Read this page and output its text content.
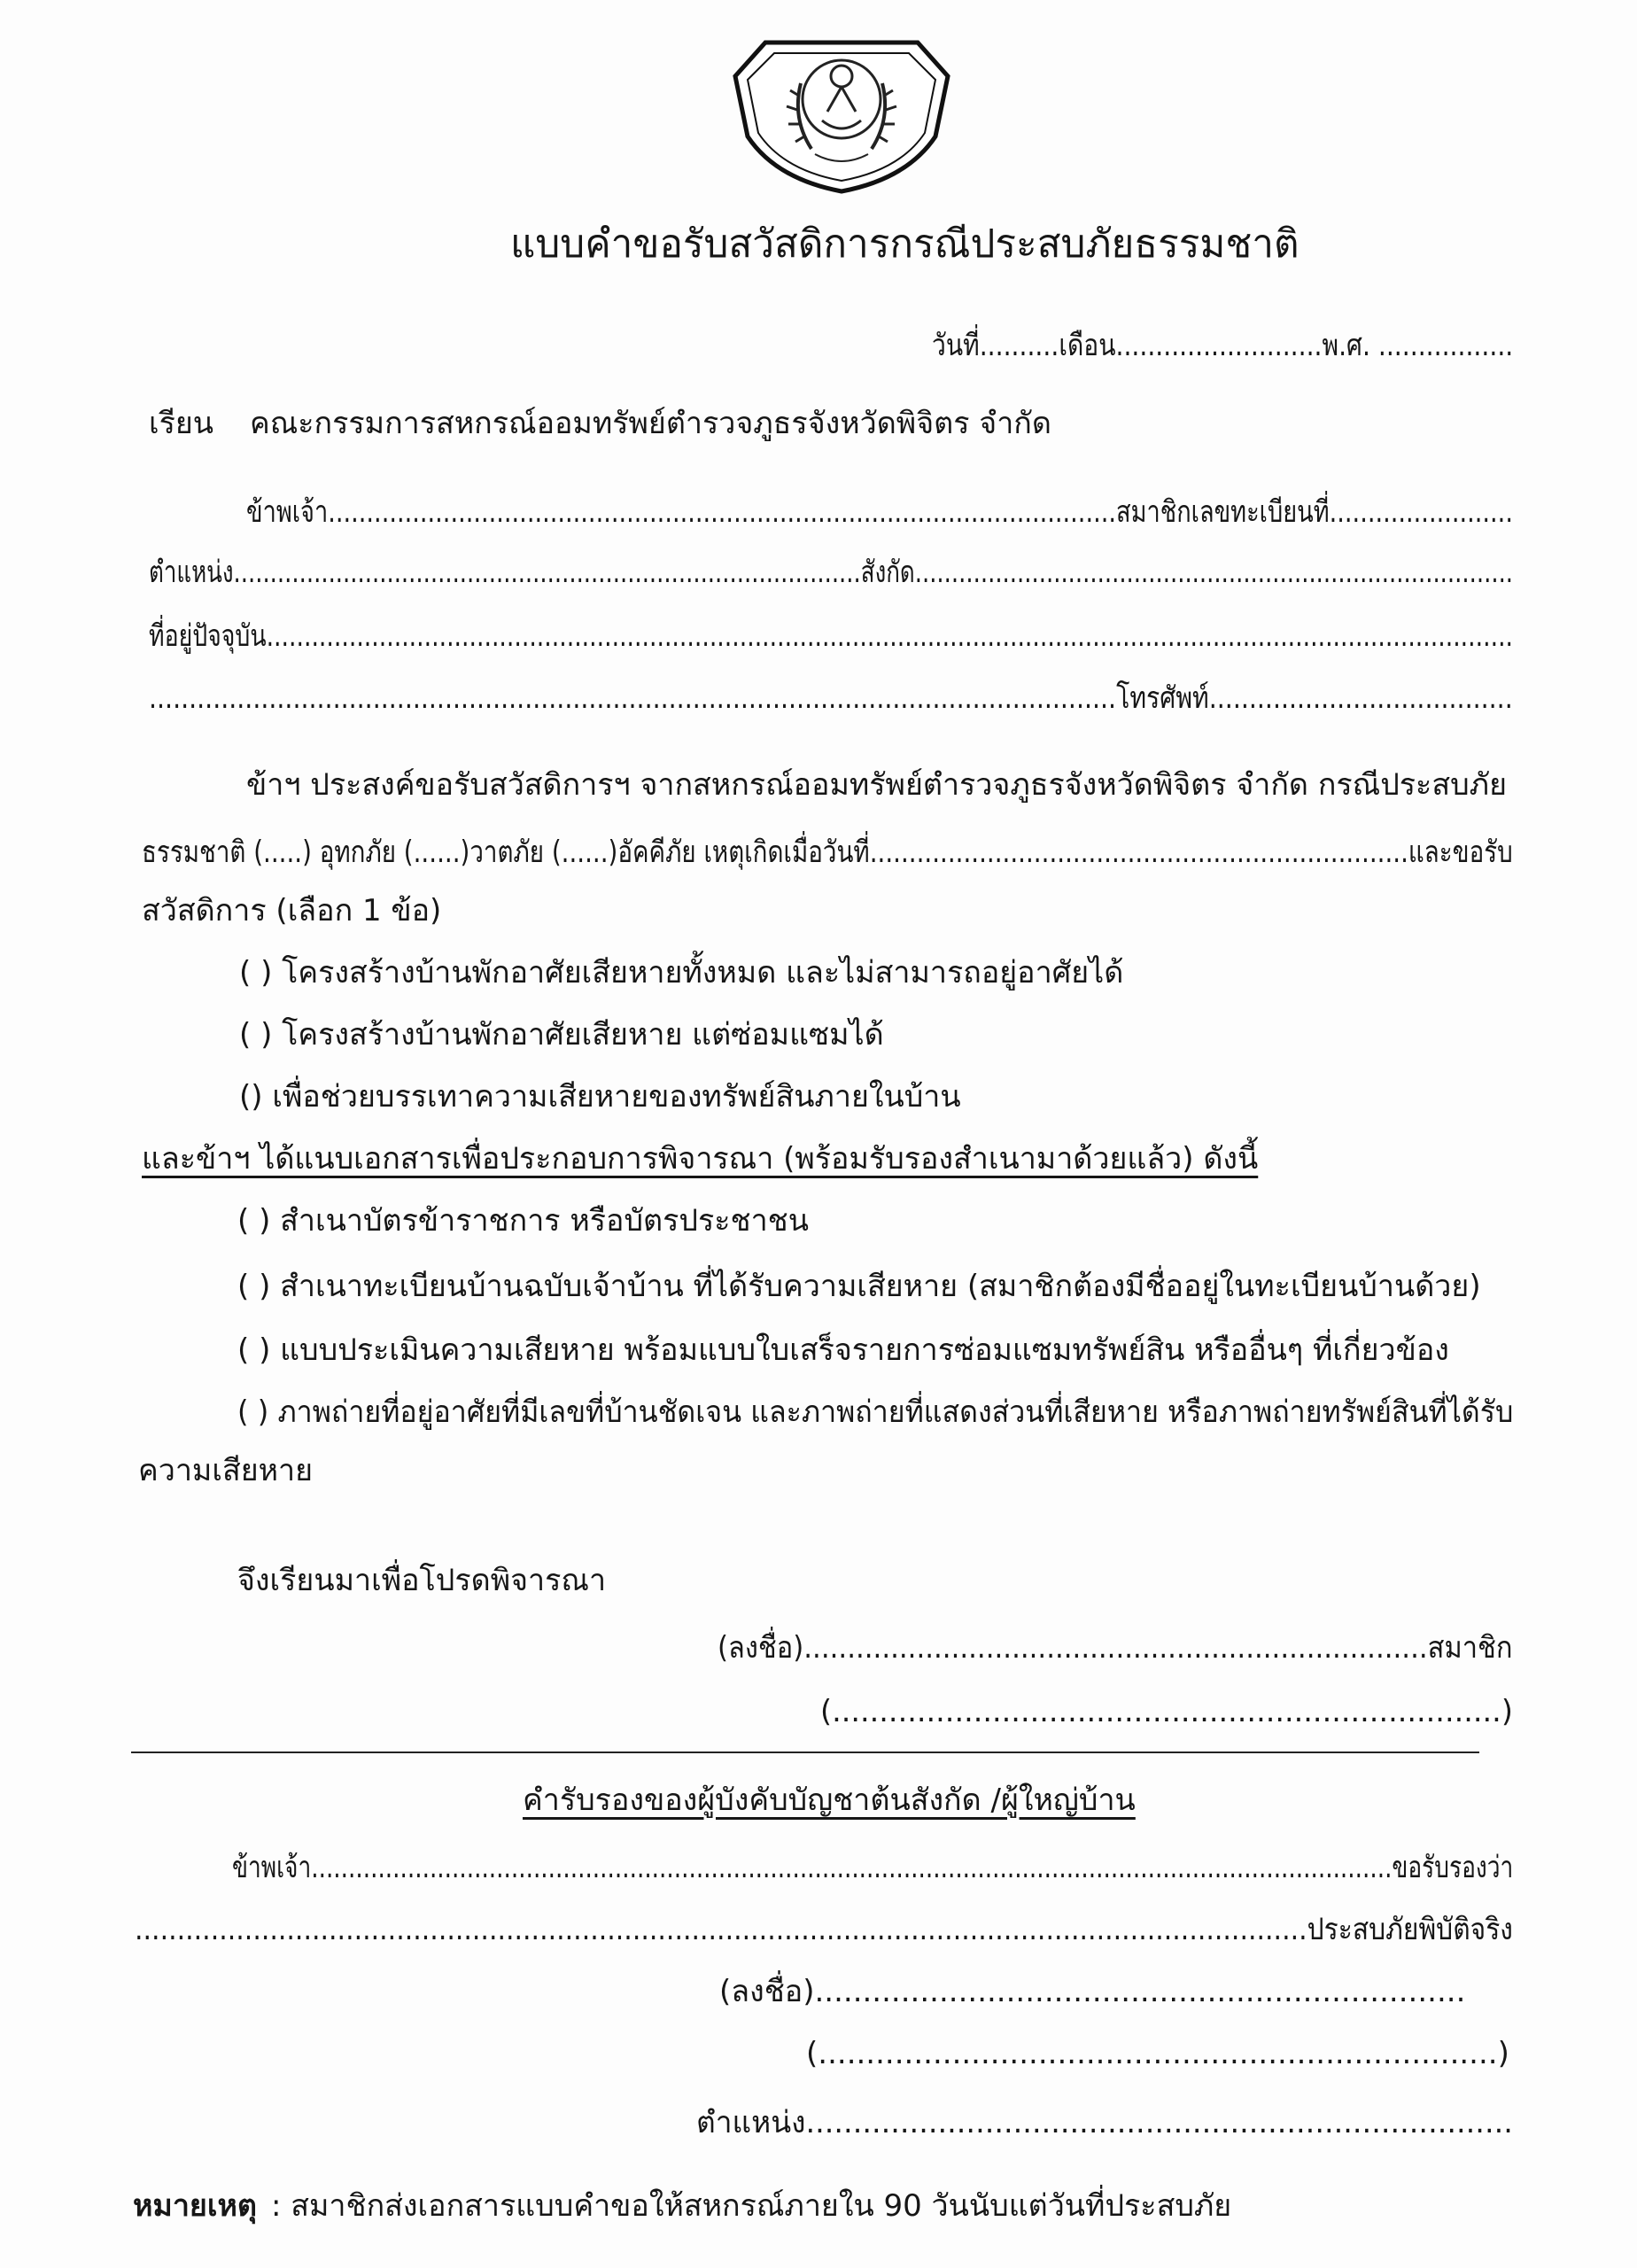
แบบคำขอรับสวัสดิการกรณีประสบภัยธรรมชาติ
วันที่..........เดือน..........................พ.ศ. .................
เรียน คณะกรรมการสหกรณ์ออมทรัพย์ตำรวจภูธรจังหวัดพิจิตร จำกัด
ข้าพเจ้า.......................................................................................................สมาชิกเลขทะเบียนที่........................
ตำแหน่ง......................................................................................สังกัด..................................................................................
ที่อยู่ปัจจุบัน......................................................................................................................................................................
.........................................................................................................................โทรศัพท์......................................
ข้าฯ ประสงค์ขอรับสวัสดิการฯ จากสหกรณ์ออมทรัพย์ตำรวจภูธรจังหวัดพิจิตร จำกัด กรณีประสบภัย
ธรรมชาติ (.....) อุทกภัย (......)วาตภัย (......)อัคคีภัย เหตุเกิดเมื่อวันที่.....................................................................และขอรับ
สวัสดิการ (เลือก 1 ข้อ)
( ) โครงสร้างบ้านพักอาศัยเสียหายทั้งหมด และไม่สามารถอยู่อาศัยได้
( ) โครงสร้างบ้านพักอาศัยเสียหาย แต่ซ่อมแซมได้
() เพื่อช่วยบรรเทาความเสียหายของทรัพย์สินภายในบ้าน
และข้าฯ ได้แนบเอกสารเพื่อประกอบการพิจารณา (พร้อมรับรองสำเนามาด้วยแล้ว) ดังนี้
( ) สำเนาบัตรข้าราชการ หรือบัตรประชาชน
( ) สำเนาทะเบียนบ้านฉบับเจ้าบ้าน ที่ได้รับความเสียหาย (สมาชิกต้องมีชื่ออยู่ในทะเบียนบ้านด้วย)
( ) แบบประเมินความเสียหาย พร้อมแบบใบเสร็จรายการซ่อมแซมทรัพย์สิน หรืออื่นๆ ที่เกี่ยวข้อง
( ) ภาพถ่ายที่อยู่อาศัยที่มีเลขที่บ้านชัดเจน และภาพถ่ายที่แสดงส่วนที่เสียหาย หรือภาพถ่ายทรัพย์สินที่ได้รับ
ความเสียหาย
จึงเรียนมาเพื่อโปรดพิจารณา
(ลงชื่อ)........................................................................สมาชิก
(.......................................................................)
คำรับรองของผู้บังคับบัญชาต้นสังกัด /ผู้ใหญ่บ้าน
ข้าพเจ้า..................................................................................................................................................ขอรับรองว่า
...........................................................................................................................................ประสบภัยพิบัติจริง
(ลงชื่อ)....................................................................
(.......................................................................)
ตำแหน่ง...........................................................................
หมายเหตุ : สมาชิกส่งเอกสารแบบคำขอให้สหกรณ์ภายใน 90 วันนับแต่วันที่ประสบภัย
